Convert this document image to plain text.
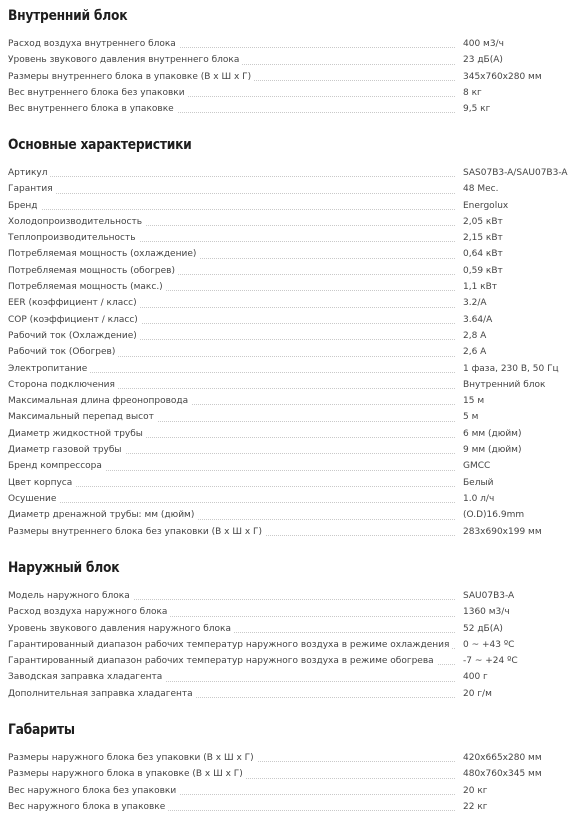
Внутренний блок
Расход воздуха внутреннего блока	400 м3/ч
Уровень звукового давления внутреннего блока	23 дБ(А)
Размеры внутреннего блока в упаковке (В х Ш х Г)	345х760х280 мм
Вес внутреннего блока без упаковки	8 кг
Вес внутреннего блока в упаковке	9,5 кг
Основные характеристики
Артикул	SAS07B3-A/SAU07B3-A
Гарантия	48 Мес.
Бренд	Energolux
Холодопроизводительность	2,05 кВт
Теплопроизводительность	2,15 кВт
Потребляемая мощность (охлаждение)	0,64 кВт
Потребляемая мощность (обогрев)	0,59 кВт
Потребляемая мощность (макс.)	1,1 кВт
EER (коэффициент / класс)	3.2/A
COP (коэффициент / класс)	3.64/A
Рабочий ток (Охлаждение)	2,8 А
Рабочий ток (Обогрев)	2,6 А
Электропитание	1 фаза, 230 В, 50 Гц
Сторона подключения	Внутренний блок
Максимальная длина фреонопровода	15 м
Максимальный перепад высот	5 м
Диаметр жидкостной трубы	6 мм (дюйм)
Диаметр газовой трубы	9 мм (дюйм)
Бренд компрессора	GMCC
Цвет корпуса	Белый
Осушение	1.0 л/ч
Диаметр дренажной трубы: мм (дюйм)	(O.D)16.9mm
Размеры внутреннего блока без упаковки (В х Ш х Г)	283х690х199 мм
Наружный блок
Модель наружного блока	SAU07B3-A
Расход воздуха наружного блока	1360 м3/ч
Уровень звукового давления наружного блока	52 дБ(А)
Гарантированный диапазон рабочих температур наружного воздуха в режиме охлаждения	0 ~ +43 ºС
Гарантированный диапазон рабочих температур наружного воздуха в режиме обогрева	-7 ~ +24 ºС
Заводская заправка хладагента	400 г
Дополнительная заправка хладагента	20 г/м
Габариты
Размеры наружного блока без упаковки (В х Ш х Г)	420х665х280 мм
Размеры наружного блока в упаковке (В х Ш х Г)	480х760х345 мм
Вес наружного блока без упаковки	20 кг
Вес наружного блока в упаковке	22 кг
